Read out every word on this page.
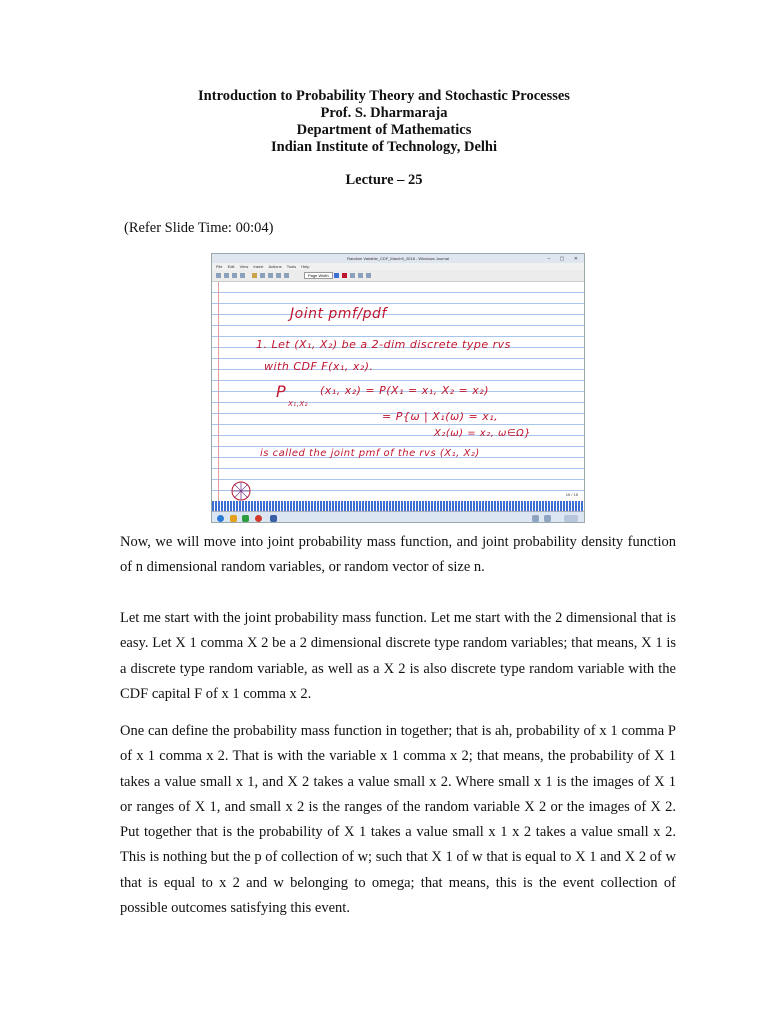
Introduction to Probability Theory and Stochastic Processes
Prof. S. Dharmaraja
Department of Mathematics
Indian Institute of Technology, Delhi
Lecture – 25
(Refer Slide Time: 00:04)
Random Variable_CDF_March9_2018 - Windows Journal	– ▢ ✕
File Edit View Insert Actions Tools Help
Page Width
Joint pmf/pdf
1. Let (X₁, X₂) be a 2-dim discrete type rvs
with CDF F(x₁, x₂).
P
X₁,X₂
(x₁, x₂) = P(X₁ = x₁, X₂ = x₂)
= P{ω | X₁(ω) = x₁,
X₂(ω) = x₂, ω∈Ω}
is called the joint pmf of the rvs (X₁, X₂)
15 / 15

Now, we will move into joint probability mass function, and joint probability density function of n dimensional random variables, or random vector of size n.

Let me start with the joint probability mass function. Let me start with the 2 dimensional that is easy. Let X 1 comma X 2 be a 2 dimensional discrete type random variables; that means, X 1 is a discrete type random variable, as well as a X 2 is also discrete type random variable with the CDF capital F of x 1 comma x 2.

One can define the probability mass function in together; that is ah, probability of x 1 comma P of x 1 comma x 2. That is with the variable x 1 comma x 2; that means, the probability of X 1 takes a value small x 1, and X 2 takes a value small x 2. Where small x 1 is the images of X 1 or ranges of X 1, and small x 2 is the ranges of the random variable X 2 or the images of X 2. Put together that is the probability of X 1 takes a value small x 1 x 2 takes a value small x 2. This is nothing but the p of collection of w; such that X 1 of w that is equal to X 1 and X 2 of w that is equal to x 2 and w belonging to omega; that means, this is the event collection of possible outcomes satisfying this event.
